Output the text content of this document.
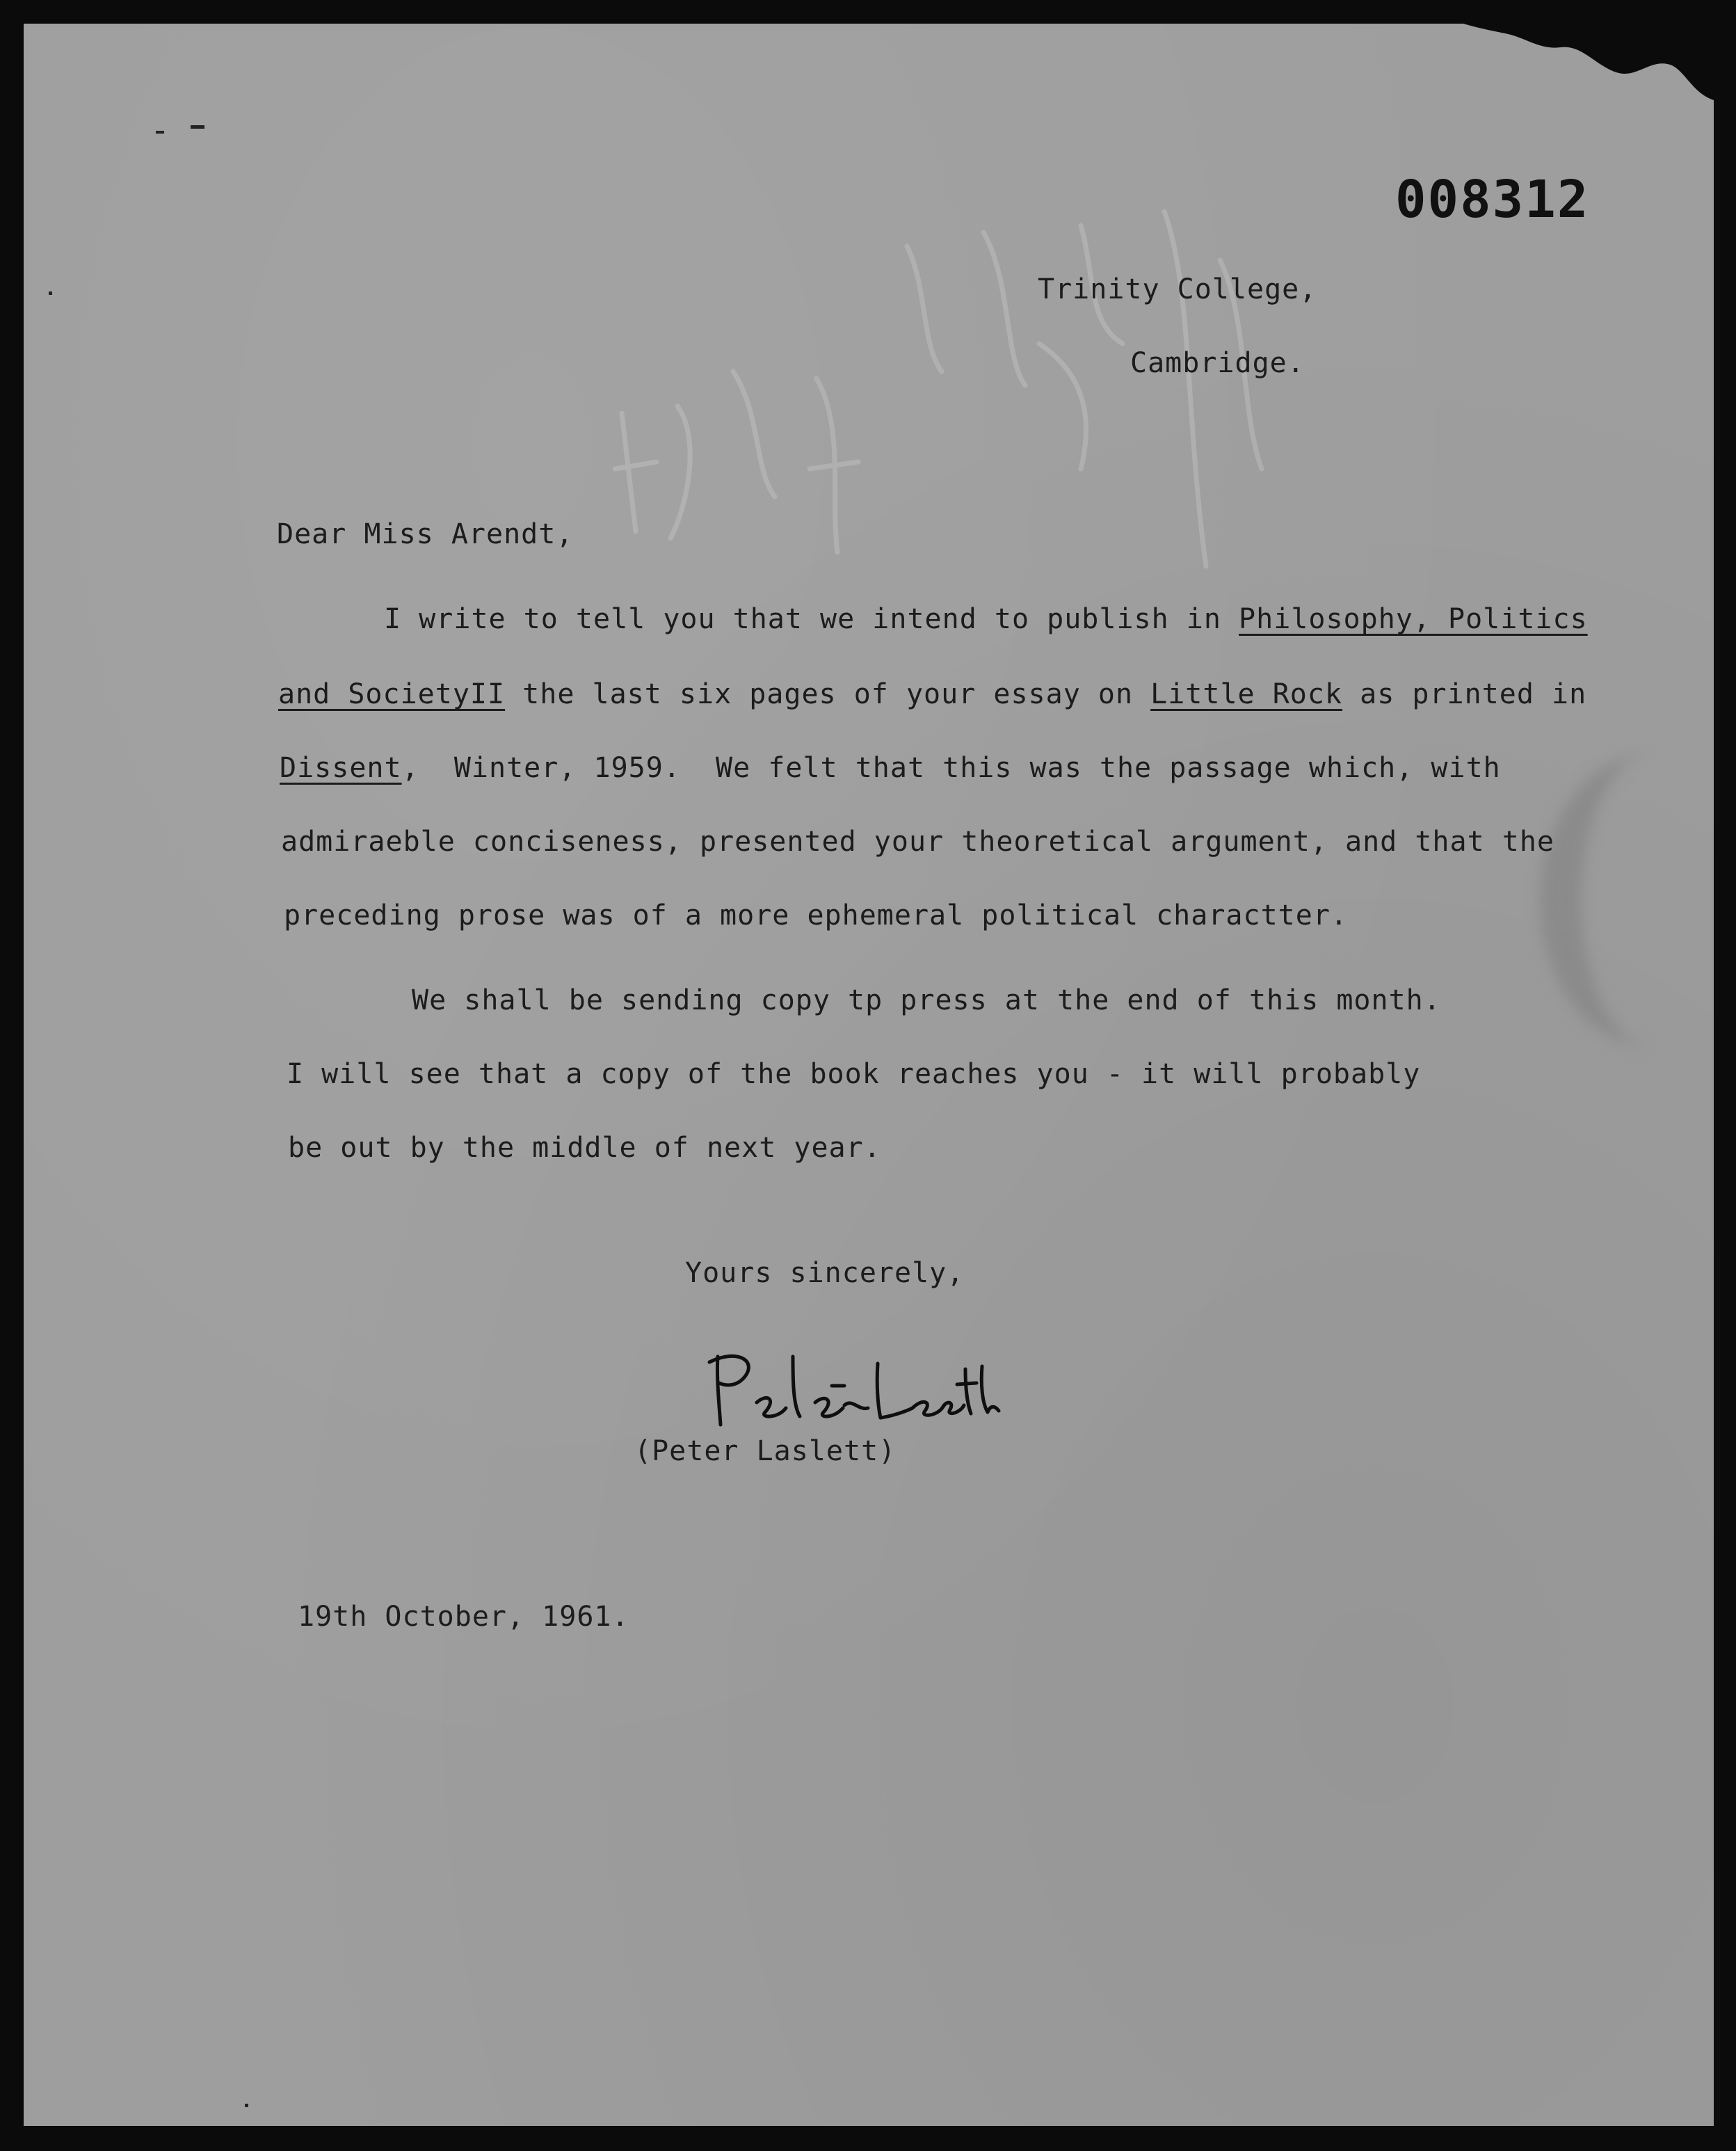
008312
Trinity College,
Cambridge.
Dear Miss Arendt,
I write to tell you that we intend to publish in Philosophy, Politics
and SocietyII the last six pages of your essay on Little Rock as printed in
Dissent,  Winter, 1959.  We felt that this was the passage which, with
admiraeble conciseness, presented your theoretical argument, and that the
preceding prose was of a more ephemeral political charactter.
We shall be sending copy tp press at the end of this month.
I will see that a copy of the book reaches you - it will probably
be out by the middle of next year.
Yours sincerely,
(Peter Laslett)
19th October, 1961.
